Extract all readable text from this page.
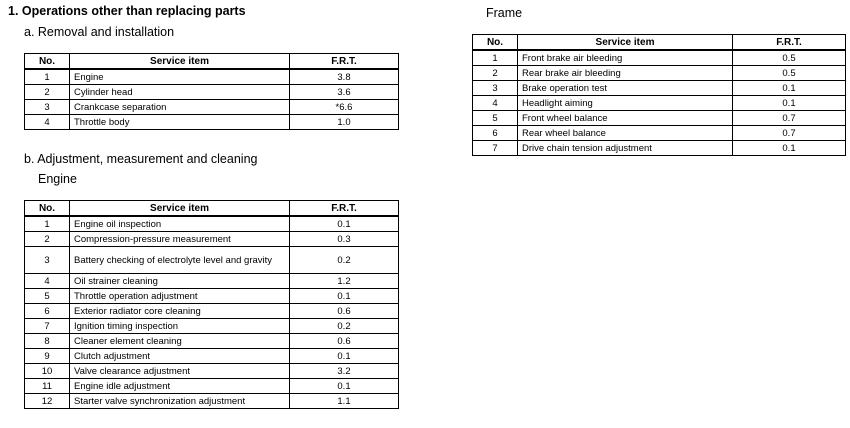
1. Operations other than replacing parts
a. Removal and installation
No.	Service item	F.R.T.
1	Engine	3.8
2	Cylinder head	3.6
3	Crankcase separation	*6.6
4	Throttle body	1.0
b. Adjustment, measurement and cleaning
Engine
No.	Service item	F.R.T.
1	Engine oil inspection	0.1
2	Compression-pressure measurement	0.3
3	Battery checking of electrolyte level and gravity	0.2
4	Oil strainer cleaning	1.2
5	Throttle operation adjustment	0.1
6	Exterior radiator core cleaning	0.6
7	Ignition timing inspection	0.2
8	Cleaner element cleaning	0.6
9	Clutch adjustment	0.1
10	Valve clearance adjustment	3.2
11	Engine idle adjustment	0.1
12	Starter valve synchronization adjustment	1.1
Frame
No.	Service item	F.R.T.
1	Front brake air bleeding	0.5
2	Rear brake air bleeding	0.5
3	Brake operation test	0.1
4	Headlight aiming	0.1
5	Front wheel balance	0.7
6	Rear wheel balance	0.7
7	Drive chain tension adjustment	0.1
